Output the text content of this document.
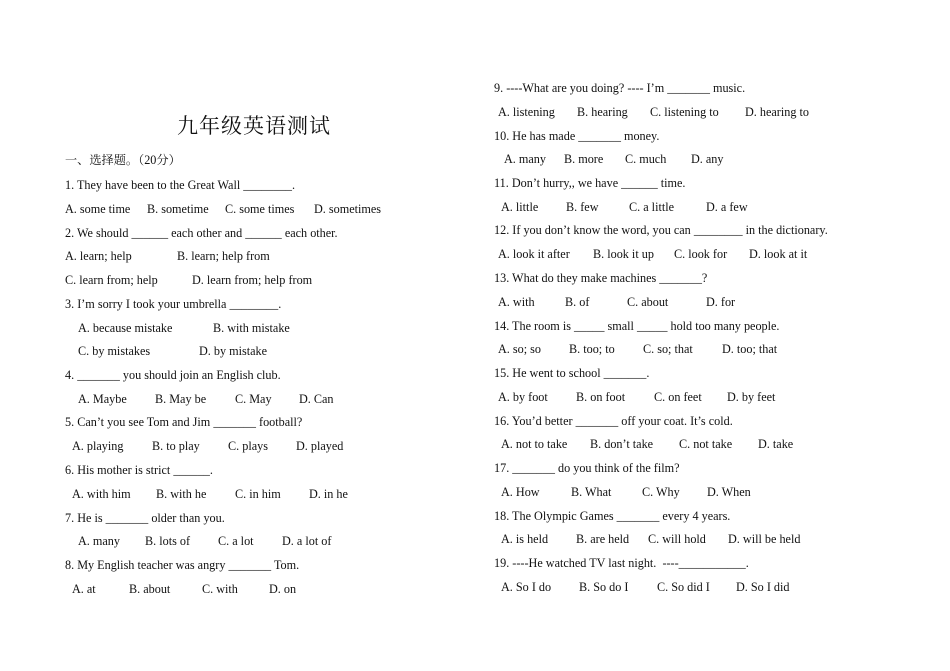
九年级英语测试
一、选择题。（20分）
1. They have been to the Great Wall ________.
A. some time B. sometime C. some times D. sometimes
2. We should ______ each other and ______ each other.
A. learn; help	B. learn; help from
C. learn from; help	D. learn from; help from
3. I’m sorry I took your umbrella ________.
A. because mistake	B. with mistake
C. by mistakes	D. by mistake
4. _______ you should join an English club.
A. Maybe B. May be C. May D. Can
5. Can’t you see Tom and Jim _______ football?
A. playing B. to play C. plays D. played
6. His mother is strict ______.
A. with him B. with he C. in him D. in he
7. He is _______ older than you.
A. many B. lots of C. a lot D. a lot of
8. My English teacher was angry _______ Tom.
A. at	B. about	C. with	D. on
9. ----What are you doing? ---- I’m _______ music.
A. listening B. hearing C. listening to D. hearing to
10. He has made _______ money.
A. many B. more C. much D. any
11. Don’t hurry,, we have ______ time.
A. little B. few	C. a little	D. a few
12. If you don’t know the word, you can ________ in the dictionary.
A. look it after B. look it up C. look for D. look at it
13. What do they make machines _______?
A. with B. of	C. about	D. for
14. The room is _____ small _____ hold too many people.
A. so; so B. too; to C. so; that D. too; that
15. He went to school _______.
A. by foot B. on foot C. on feet D. by feet
16. You’d better _______ off your coat. It’s cold.
A. not to take B. don’t take C. not take D. take
17. _______ do you think of the film?
A. How	B. What	C. Why D. When
18. The Olympic Games _______ every 4 years.
A. is held B. are held C. will hold D. will be held
19. ----He watched TV last night.  ----___________.
A. So I do B. So do I C. So did I D. So I did
